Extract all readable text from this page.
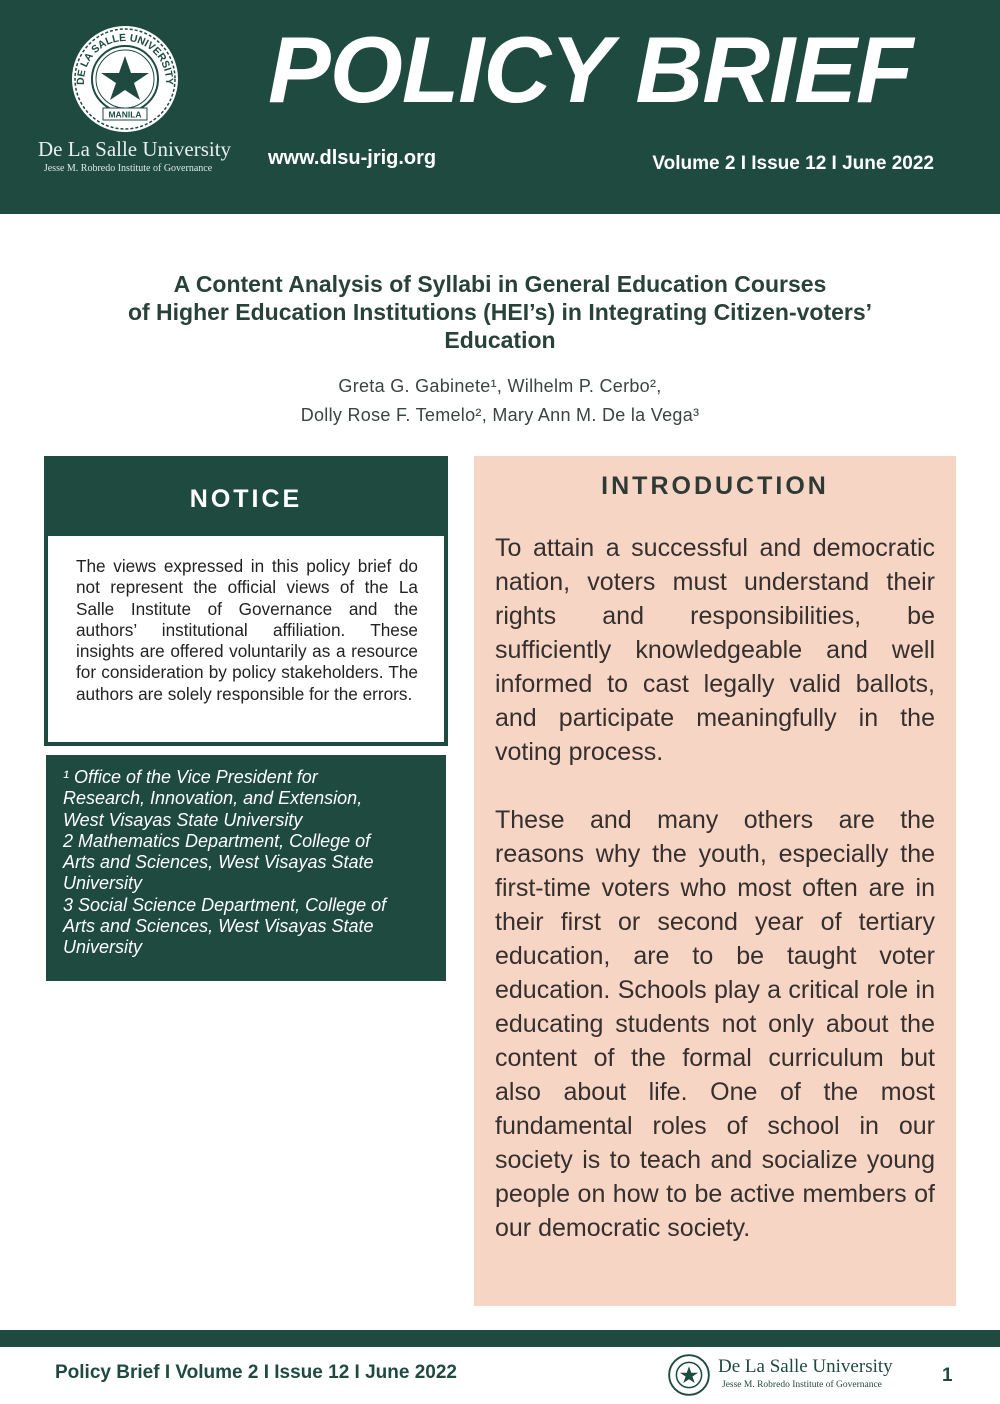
DE LA SALLE UNIVERSITY
MANILA
De La Salle University
Jesse M. Robredo Institute of Governance
POLICY BRIEF
www.dlsu-jrig.org	Volume 2 I Issue 12 I June 2022
A Content Analysis of Syllabi in General Education Courses
of Higher Education Institutions (HEI’s) in Integrating Citizen-voters’
Education
Greta G. Gabinete¹, Wilhelm P. Cerbo²,
Dolly Rose F. Temelo², Mary Ann M. De la Vega³
NOTICE
The views expressed in this policy brief do not represent the official views of the La Salle Institute of Governance and the authors’ institutional affiliation. These insights are offered voluntarily as a resource for consideration by policy stakeholders. The authors are solely responsible for the errors.
¹ Office of the Vice President for
Research, Innovation, and Extension,
West Visayas State University
2 Mathematics Department, College of
Arts and Sciences, West Visayas State
University
3 Social Science Department, College of
Arts and Sciences, West Visayas State
University
INTRODUCTION

To attain a successful and democratic nation, voters must understand their rights and responsibilities, be sufficiently knowledgeable and well informed to cast legally valid ballots, and participate meaningfully in the voting process.

These and many others are the reasons why the youth, especially the first-time voters who most often are in their first or second year of tertiary education, are to be taught voter education. Schools play a critical role in educating students not only about the content of the formal curriculum but also about life. One of the most fundamental roles of school in our society is to teach and socialize young people on how to be active members of our democratic society.

Policy Brief I Volume 2 I Issue 12 I June 2022	De La Salle University
Jesse M. Robredo Institute of Governance	1
